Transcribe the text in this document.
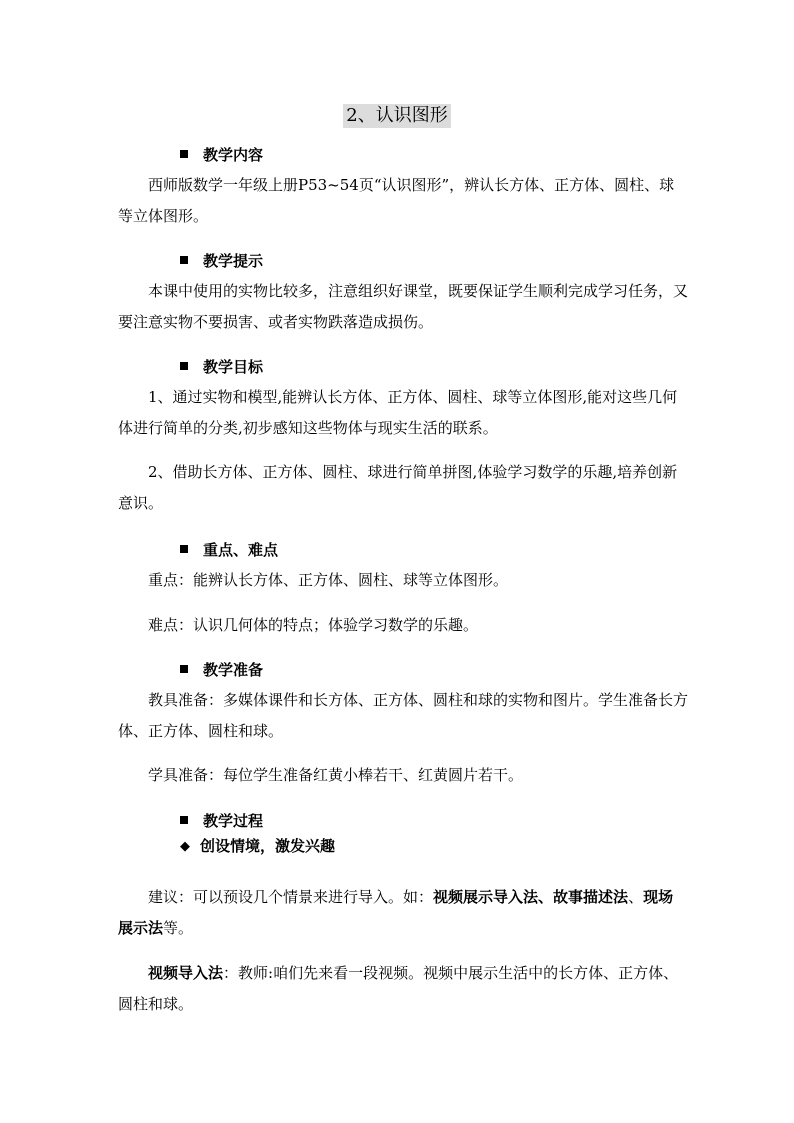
2、认识图形
教学内容

西师版数学一年级上册P53~54页“认识图形”，辨认长方体、正方体、圆柱、球等立体图形。

教学提示

本课中使用的实物比较多，注意组织好课堂，既要保证学生顺利完成学习任务，又要注意实物不要损害、或者实物跌落造成损伤。

教学目标

1、通过实物和模型,能辨认长方体、正方体、圆柱、球等立体图形,能对这些几何体进行简单的分类,初步感知这些物体与现实生活的联系。

2、借助长方体、正方体、圆柱、球进行简单拼图,体验学习数学的乐趣,培养创新意识。

重点、难点

重点：能辨认长方体、正方体、圆柱、球等立体图形。

难点：认识几何体的特点；体验学习数学的乐趣。

教学准备

教具准备：多媒体课件和长方体、正方体、圆柱和球的实物和图片。学生准备长方体、正方体、圆柱和球。

学具准备：每位学生准备红黄小棒若干、红黄圆片若干。

教学过程
◆ 创设情境，激发兴趣

建议：可以预设几个情景来进行导入。如：视频展示导入法、故事描述法、现场展示法等。

视频导入法：教师:咱们先来看一段视频。视频中展示生活中的长方体、正方体、圆柱和球。
